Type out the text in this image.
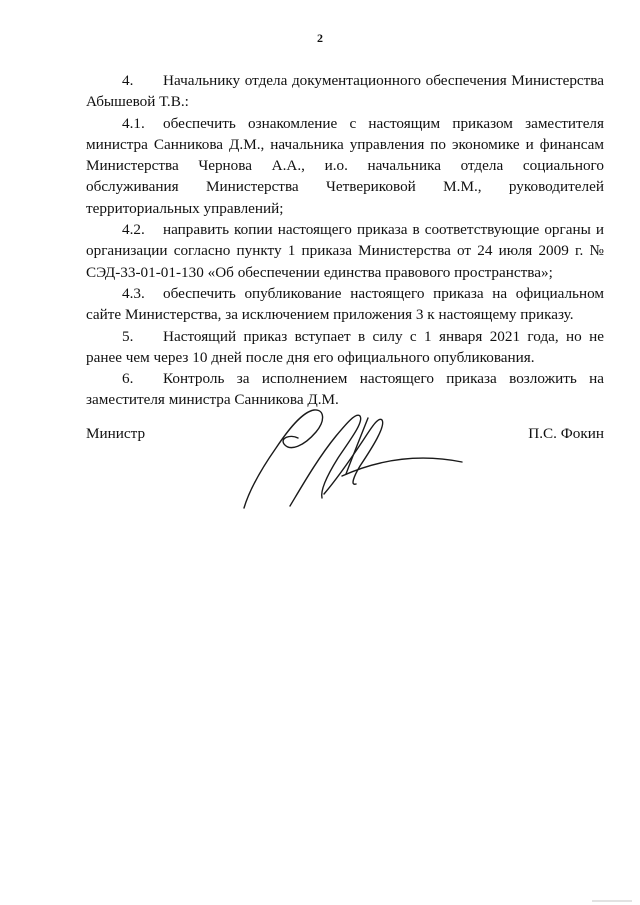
2

4. Начальнику отдела документационного обеспечения Министерства Абышевой Т.В.:

4.1. обеспечить ознакомление с настоящим приказом заместителя министра Санникова Д.М., начальника управления по экономике и финансам Министерства Чернова А.А., и.о. начальника отдела социального обслуживания Министерства Четвериковой М.М., руководителей территориальных управлений;

4.2. направить копии настоящего приказа в соответствующие органы и организации согласно пункту 1 приказа Министерства от 24 июля 2009 г. № СЭД-33-01-01-130 «Об обеспечении единства правового пространства»;

4.3. обеспечить опубликование настоящего приказа на официальном сайте Министерства, за исключением приложения 3 к настоящему приказу.

5. Настоящий приказ вступает в силу с 1 января 2021 года, но не ранее чем через 10 дней после дня его официального опубликования.

6. Контроль за исполнением настоящего приказа возложить на заместителя министра Санникова Д.М.

Министр	П.С. Фокин
